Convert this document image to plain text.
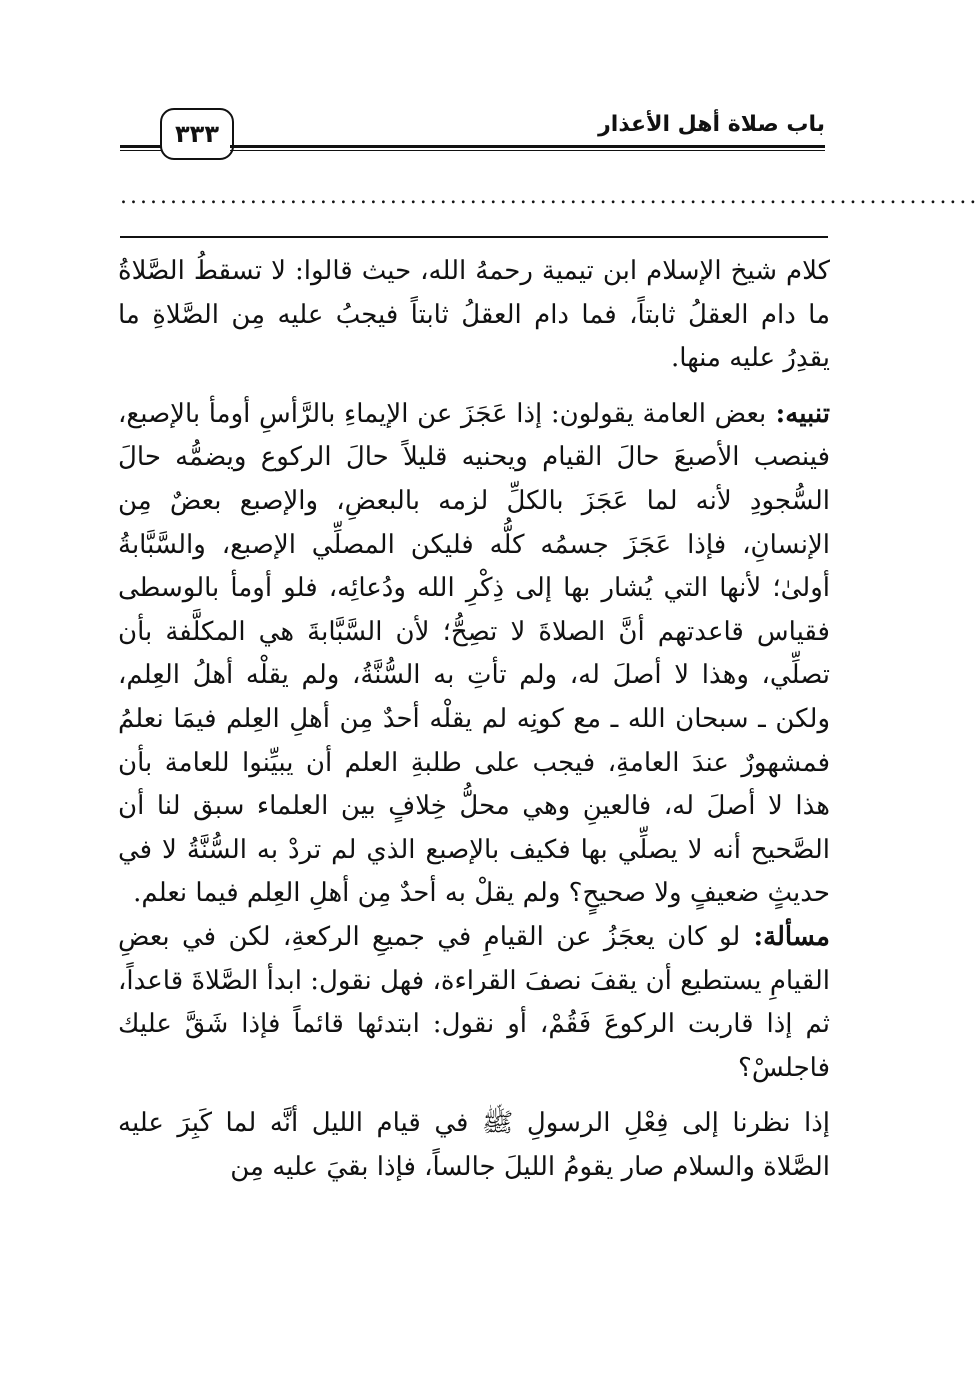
٣٣٣	باب صلاة أهل الأعذار
......................................................................................

كلام شيخ الإسلام ابن تيمية رحمهُ الله، حيث قالوا: لا تسقطُ الصَّلاةُ ما دام العقلُ ثابتاً، فما دام العقلُ ثابتاً فيجبُ عليه مِن الصَّلاةِ ما يقدِرُ عليه منها.

تنبيه: بعض العامة يقولون: إذا عَجَزَ عن الإيماءِ بالرَّأسِ أومأ بالإصبع، فينصب الأصبعَ حالَ القيام ويحنيه قليلاً حالَ الركوع ويضمُّه حالَ السُّجودِ لأنه لما عَجَزَ بالكلِّ لزمه بالبعضِ، والإصبع بعضٌ مِن الإنسانِ، فإذا عَجَزَ جسمُه كلُّه فليكن المصلِّي الإصبع، والسَّبَّابةُ أولىٰ؛ لأنها التي يُشار بها إلى ذِكْرِ الله ودُعائِه، فلو أومأ بالوسطى فقياس قاعدتهم أنَّ الصلاةَ لا تصِحُّ؛ لأن السَّبَّابةَ هي المكلَّفة بأن تصلِّي، وهذا لا أصلَ له، ولم تأتِ به السُّنَّةُ، ولم يقلْه أهلُ العِلم، ولكن ـ سبحان الله ـ مع كونِه لم يقلْه أحدٌ مِن أهلِ العِلم فيمَا نعلمُ فمشهورٌ عندَ العامةِ، فيجب على طلبةِ العلم أن يبيِّنوا للعامة بأن هذا لا أصلَ له، فالعينِ وهي محلُّ خِلافٍ بين العلماء سبق لنا أن الصَّحيح أنه لا يصلِّي بها فكيف بالإصبع الذي لم تردْ به السُّنَّةُ لا في حديثٍ ضعيفٍ ولا صحيحٍ؟ ولم يقلْ به أحدٌ مِن أهلِ العِلم فيما نعلم.

مسألة: لو كان يعجَزُ عن القيامِ في جميعِ الركعةِ، لكن في بعضِ القيامِ يستطيع أن يقفَ نصفَ القراءة، فهل نقول: ابدأ الصَّلاةَ قاعداً، ثم إذا قاربت الركوعَ فَقُمْ، أو نقول: ابتدئها قائماً فإذا شَقَّ عليك فاجلسْ؟

إذا نظرنا إلى فِعْلِ الرسولِ ﷺ في قيام الليل أنَّه لما كَبِرَ عليه الصَّلاة والسلام صار يقومُ الليلَ جالساً، فإذا بقيَ عليه مِن
